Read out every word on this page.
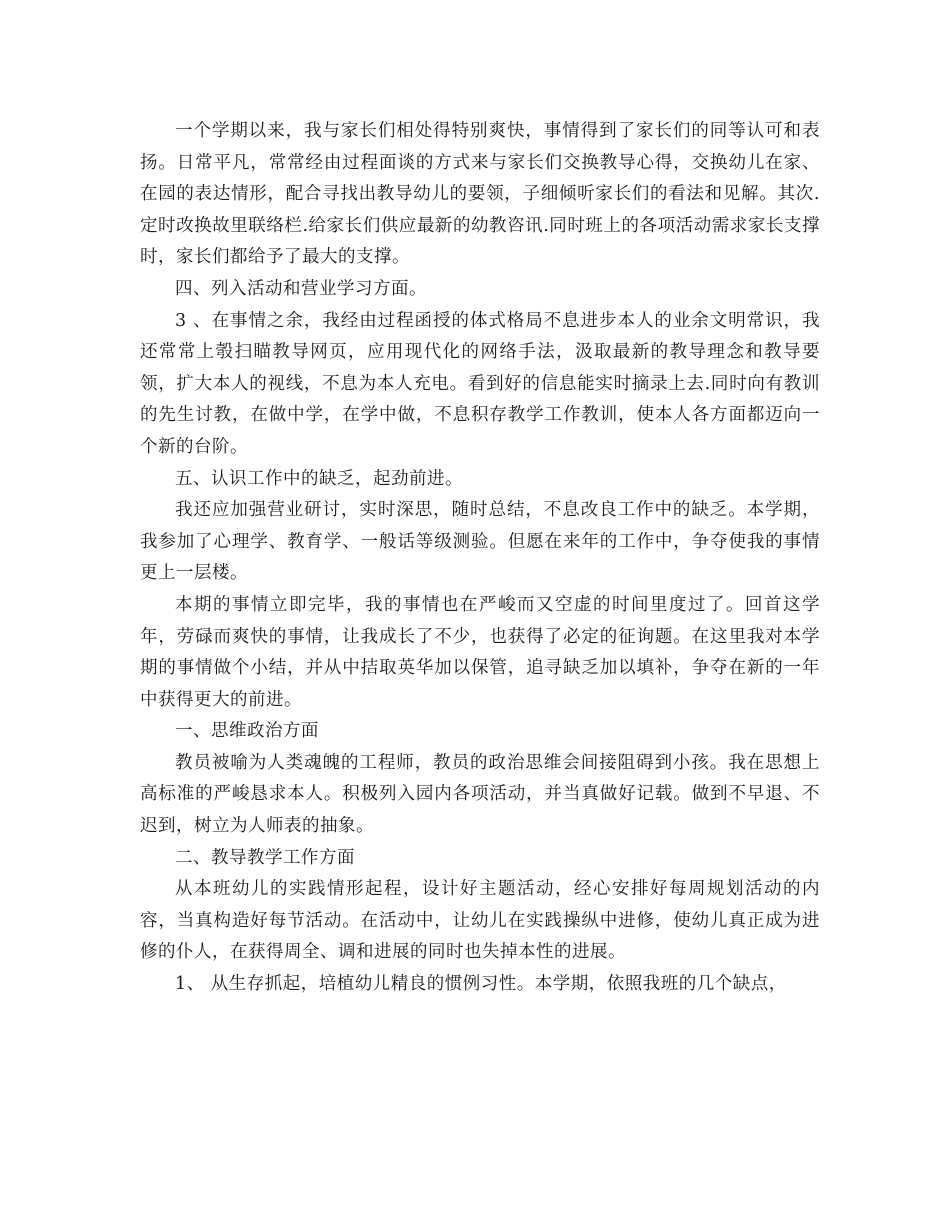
一个学期以来，我与家长们相处得特别爽快，事情得到了家长们的同等认可和表扬。日常平凡，常常经由过程面谈的方式来与家长们交换教导心得，交换幼儿在家、在园的表达情形，配合寻找出教导幼儿的要领，子细倾听家长们的看法和见解。其次.定时改换故里联络栏.给家长们供应最新的幼教咨讯.同时班上的各项活动需求家长支撑时，家长们都给予了最大的支撑。

四、列入活动和营业学习方面。

3 、在事情之余，我经由过程函授的体式格局不息进步本人的业余文明常识，我还常常上彀扫瞄教导网页，应用现代化的网络手法，汲取最新的教导理念和教导要领，扩大本人的视线，不息为本人充电。看到好的信息能实时摘录上去.同时向有教训的先生讨教，在做中学，在学中做，不息积存教学工作教训，使本人各方面都迈向一个新的台阶。

五、认识工作中的缺乏，起劲前进。

我还应加强营业研讨，实时深思，随时总结，不息改良工作中的缺乏。本学期，我参加了心理学、教育学、一般话等级测验。但愿在来年的工作中，争夺使我的事情更上一层楼。

本期的事情立即完毕，我的事情也在严峻而又空虚的时间里度过了。回首这学年，劳碌而爽快的事情，让我成长了不少，也获得了必定的征询题。在这里我对本学期的事情做个小结，并从中拮取英华加以保管，追寻缺乏加以填补，争夺在新的一年中获得更大的前进。

一、思维政治方面

教员被喻为人类魂魄的工程师，教员的政治思维会间接阻碍到小孩。我在思想上高标准的严峻恳求本人。积极列入园内各项活动，并当真做好记载。做到不早退、不迟到，树立为人师表的抽象。

二、教导教学工作方面

从本班幼儿的实践情形起程，设计好主题活动，经心安排好每周规划活动的内容，当真构造好每节活动。在活动中，让幼儿在实践操纵中进修，使幼儿真正成为进修的仆人，在获得周全、调和进展的同时也失掉本性的进展。

1、 从生存抓起，培植幼儿精良的惯例习性。本学期，依照我班的几个缺点，
